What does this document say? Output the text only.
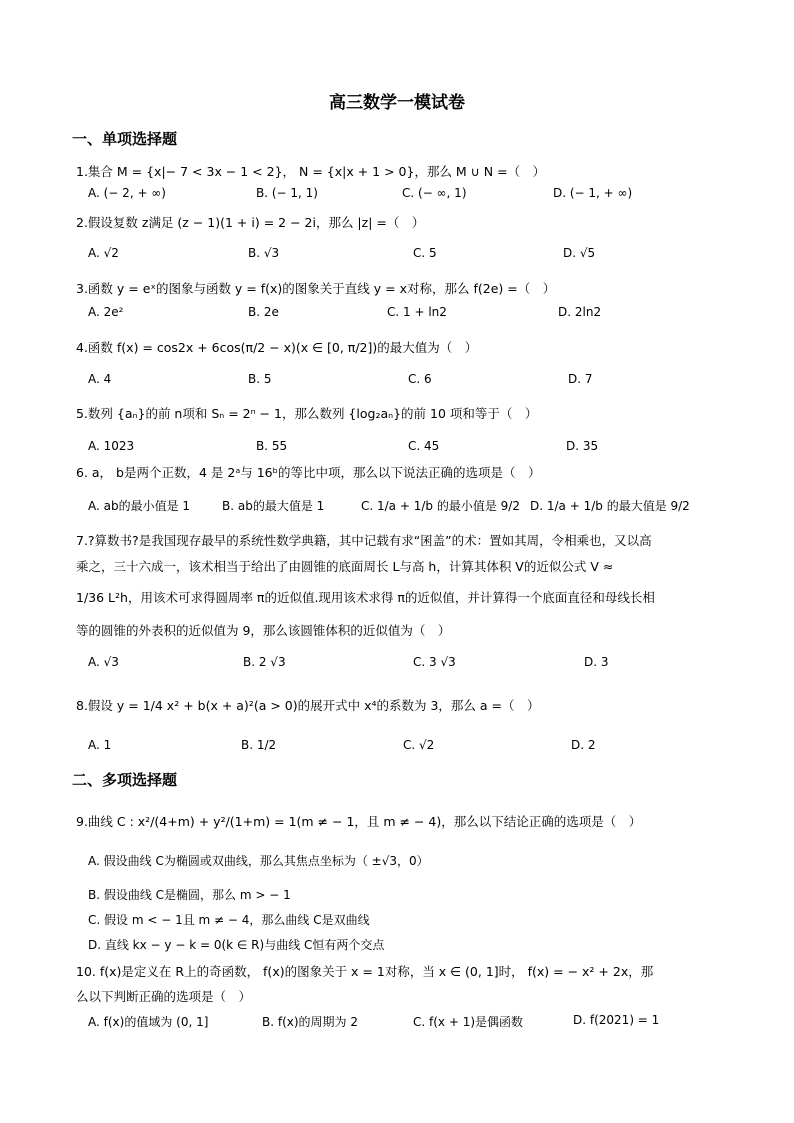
高三数学一模试卷
一、单项选择题
1.集合 M = {x|− 7 < 3x − 1 < 2}， N = {x|x + 1 > 0}，那么 M ∪ N =（　）
A. (− 2, + ∞)	B. (− 1, 1)	C. (− ∞, 1)	D. (− 1, + ∞)
2.假设复数 z满足 (z − 1)(1 + i) = 2 − 2i，那么 |z| =（　）
A. √2	B. √3	C. 5	D. √5
3.函数 y = eˣ的图象与函数 y = f(x)的图象关于直线 y = x对称，那么 f(2e) =（　）
A. 2e²	B. 2e	C. 1 + ln2	D. 2ln2
4.函数 f(x) = cos2x + 6cos(π/2 − x)(x ∈ [0, π/2])的最大值为（　）
A. 4	B. 5	C. 6	D. 7
5.数列 {aₙ}的前 n项和 Sₙ = 2ⁿ − 1，那么数列 {log₂aₙ}的前 10 项和等于（　）
A. 1023	B. 55	C. 45	D. 35
6. a， b是两个正数，4 是 2ᵃ与 16ᵇ的等比中项，那么以下说法正确的选项是（　）
A. ab的最小值是 1	B. ab的最大值是 1	C. 1/a + 1/b 的最小值是 9/2 D. 1/a + 1/b 的最大值是 9/2
7.?算数书?是我国现存最早的系统性数学典籍，其中记载有求“囷盖”的术：置如其周，令相乘也，又以高
乘之，三十六成一，该术相当于给出了由圆锥的底面周长 L与高 h，计算其体积 V的近似公式 V ≈
1/36 L²h，用该术可求得圆周率 π的近似值.现用该术求得 π的近似值，并计算得一个底面直径和母线长相
等的圆锥的外表积的近似值为 9，那么该圆锥体积的近似值为（　）
A. √3	B. 2 √3	C. 3 √3	D. 3
8.假设 y = 1/4 x² + b(x + a)²(a > 0)的展开式中 x⁴的系数为 3，那么 a =（　）
A. 1	B. 1/2	C. √2	D. 2
二、多项选择题
9.曲线 C : x²/(4+m) + y²/(1+m) = 1(m ≠ − 1，且 m ≠ − 4)，那么以下结论正确的选项是（　）
A. 假设曲线 C为椭圆或双曲线，那么其焦点坐标为（ ±√3，0）
B. 假设曲线 C是椭圆，那么 m > − 1
C. 假设 m < − 1且 m ≠ − 4，那么曲线 C是双曲线
D. 直线 kx − y − k = 0(k ∈ R)与曲线 C恒有两个交点
10. f(x)是定义在 R上的奇函数， f(x)的图象关于 x = 1对称，当 x ∈ (0, 1]时， f(x) = − x² + 2x，那
么以下判断正确的选项是（　）
A. f(x)的值域为 (0, 1]	B. f(x)的周期为 2	C. f(x + 1)是偶函数	D. f(2021) = 1
